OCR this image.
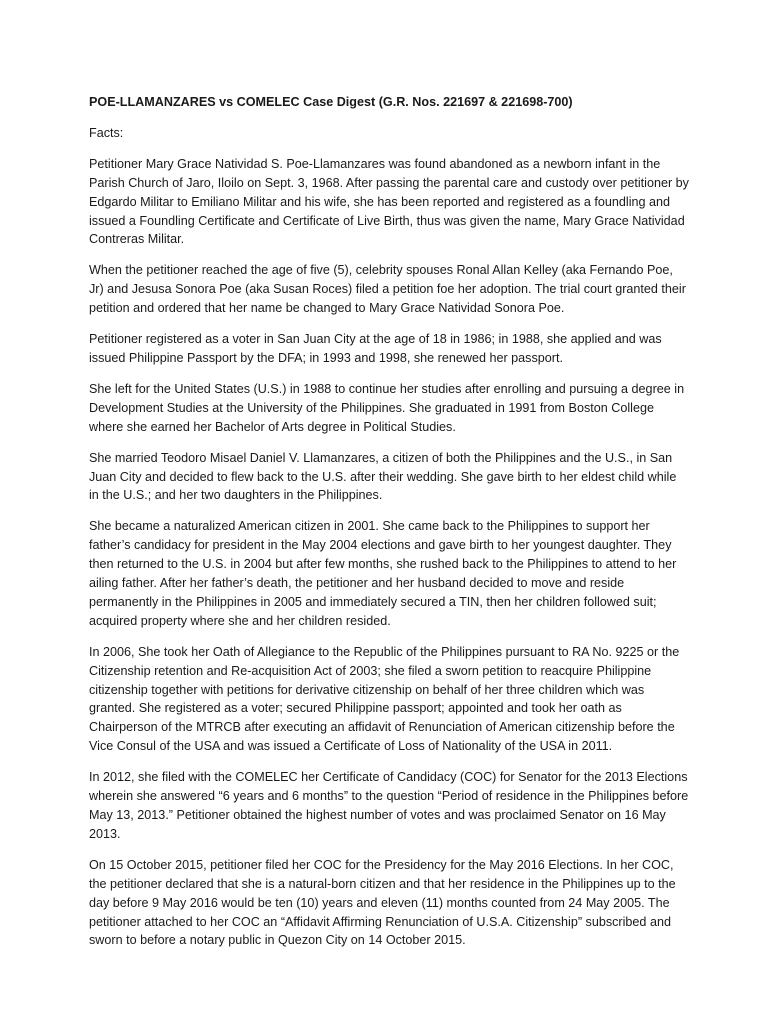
POE-LLAMANZARES vs COMELEC Case Digest (G.R. Nos. 221697 & 221698-700)
Facts:

Petitioner Mary Grace Natividad S. Poe-Llamanzares was found abandoned as a newborn infant in the Parish Church of Jaro, Iloilo on Sept. 3, 1968. After passing the parental care and custody over petitioner by Edgardo Militar to Emiliano Militar and his wife, she has been reported and registered as a foundling and issued a Foundling Certificate and Certificate of Live Birth, thus was given the name, Mary Grace Natividad Contreras Militar.

When the petitioner reached the age of five (5), celebrity spouses Ronal Allan Kelley (aka Fernando Poe, Jr) and Jesusa Sonora Poe (aka Susan Roces) filed a petition foe her adoption. The trial court granted their petition and ordered that her name be changed to Mary Grace Natividad Sonora Poe.

Petitioner registered as a voter in San Juan City at the age of 18 in 1986; in 1988, she applied and was issued Philippine Passport by the DFA; in 1993 and 1998, she renewed her passport.

She left for the United States (U.S.) in 1988 to continue her studies after enrolling and pursuing a degree in Development Studies at the University of the Philippines. She graduated in 1991 from Boston College where she earned her Bachelor of Arts degree in Political Studies.

She married Teodoro Misael Daniel V. Llamanzares, a citizen of both the Philippines and the U.S., in San Juan City and decided to flew back to the U.S. after their wedding. She gave birth to her eldest child while in the U.S.; and her two daughters in the Philippines.

She became a naturalized American citizen in 2001. She came back to the Philippines to support her father’s candidacy for president in the May 2004 elections and gave birth to her youngest daughter. They then returned to the U.S. in 2004 but after few months, she rushed back to the Philippines to attend to her ailing father. After her father’s death, the petitioner and her husband decided to move and reside permanently in the Philippines in 2005 and immediately secured a TIN, then her children followed suit; acquired property where she and her children resided.

In 2006, She took her Oath of Allegiance to the Republic of the Philippines pursuant to RA No. 9225 or the Citizenship retention and Re-acquisition Act of 2003; she filed a sworn petition to reacquire Philippine citizenship together with petitions for derivative citizenship on behalf of her three children which was granted. She registered as a voter; secured Philippine passport; appointed and took her oath as Chairperson of the MTRCB after executing an affidavit of Renunciation of American citizenship before the Vice Consul of the USA and was issued a Certificate of Loss of Nationality of the USA in 2011.

In 2012, she filed with the COMELEC her Certificate of Candidacy (COC) for Senator for the 2013 Elections wherein she answered “6 years and 6 months” to the question “Period of residence in the Philippines before May 13, 2013.” Petitioner obtained the highest number of votes and was proclaimed Senator on 16 May 2013.

On 15 October 2015, petitioner filed her COC for the Presidency for the May 2016 Elections. In her COC, the petitioner declared that she is a natural-born citizen and that her residence in the Philippines up to the day before 9 May 2016 would be ten (10) years and eleven (11) months counted from 24 May 2005. The petitioner attached to her COC an “Affidavit Affirming Renunciation of U.S.A. Citizenship” subscribed and sworn to before a notary public in Quezon City on 14 October 2015.
